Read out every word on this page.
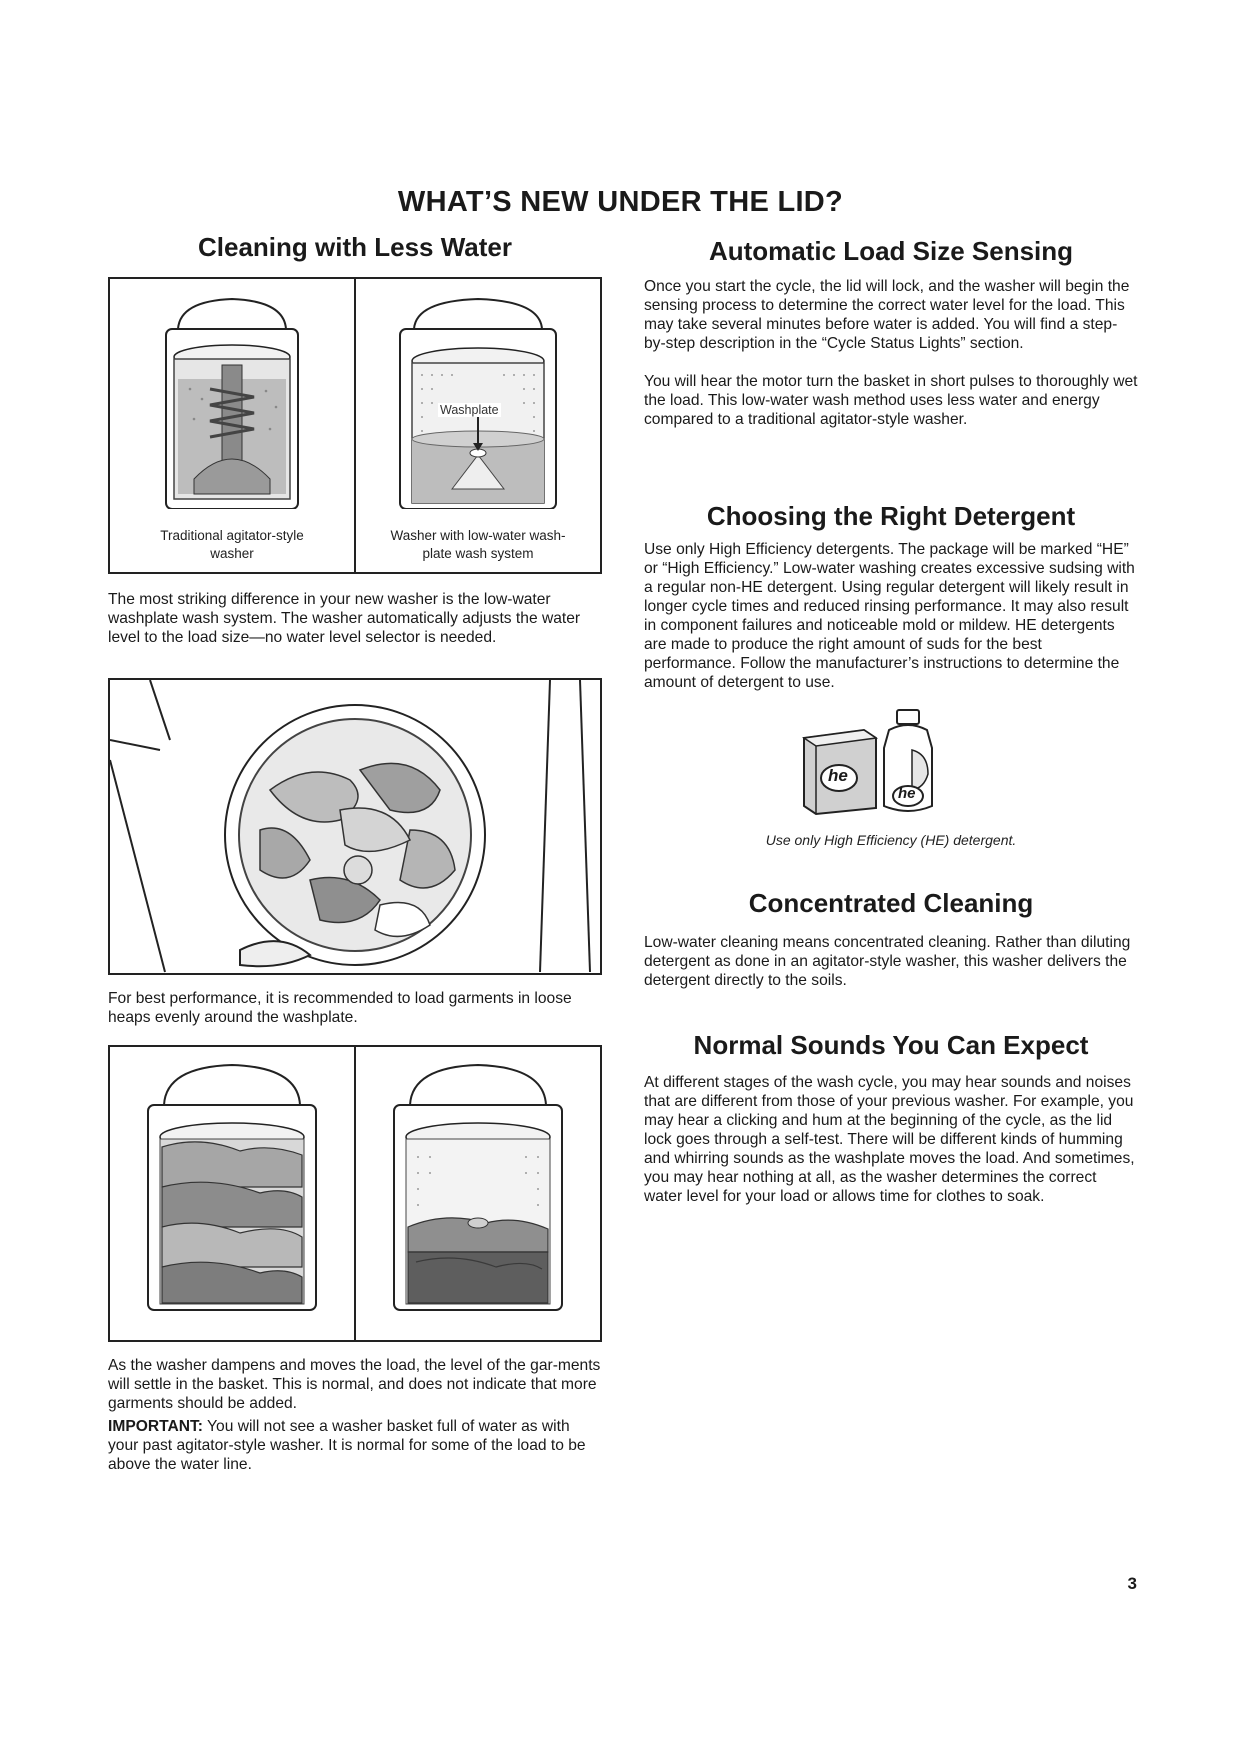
WHAT’S NEW UNDER THE LID?
Cleaning with Less Water
Traditional agitator-style washer
Washplate
Washer with low-water wash-plate wash system

The most striking difference in your new washer is the low-water washplate wash system. The washer automatically adjusts the water level to the load size—no water level selector is needed.

For best performance, it is recommended to load garments in loose heaps evenly around the washplate.

As the washer dampens and moves the load, the level of the gar-ments will settle in the basket. This is normal, and does not indicate that more garments should be added.

IMPORTANT: You will not see a washer basket full of water as with your past agitator-style washer. It is normal for some of the load to be above the water line.

Automatic Load Size Sensing

Once you start the cycle, the lid will lock, and the washer will begin the sensing process to determine the correct water level for the load. This may take several minutes before water is added. You will find a step-by-step description in the “Cycle Status Lights” section.

You will hear the motor turn the basket in short pulses to thoroughly wet the load. This low-water wash method uses less water and energy compared to a traditional agitator-style washer.

Choosing the Right Detergent

Use only High Efficiency detergents. The package will be marked “HE” or “High Efficiency.” Low-water washing creates excessive sudsing with a regular non-HE detergent. Using regular detergent will likely result in longer cycle times and reduced rinsing performance. It may also result in component failures and noticeable mold or mildew. HE detergents are made to produce the right amount of suds for the best performance. Follow the manufacturer’s instructions to determine the amount of detergent to use.

he
he
Use only High Efficiency (HE) detergent.
Concentrated Cleaning

Low-water cleaning means concentrated cleaning. Rather than diluting detergent as done in an agitator-style washer, this washer delivers the detergent directly to the soils.

Normal Sounds You Can Expect

At different stages of the wash cycle, you may hear sounds and noises that are different from those of your previous washer. For example, you may hear a clicking and hum at the beginning of the cycle, as the lid lock goes through a self-test. There will be different kinds of humming and whirring sounds as the washplate moves the load. And sometimes, you may hear nothing at all, as the washer determines the correct water level for your load or allows time for clothes to soak.

3
